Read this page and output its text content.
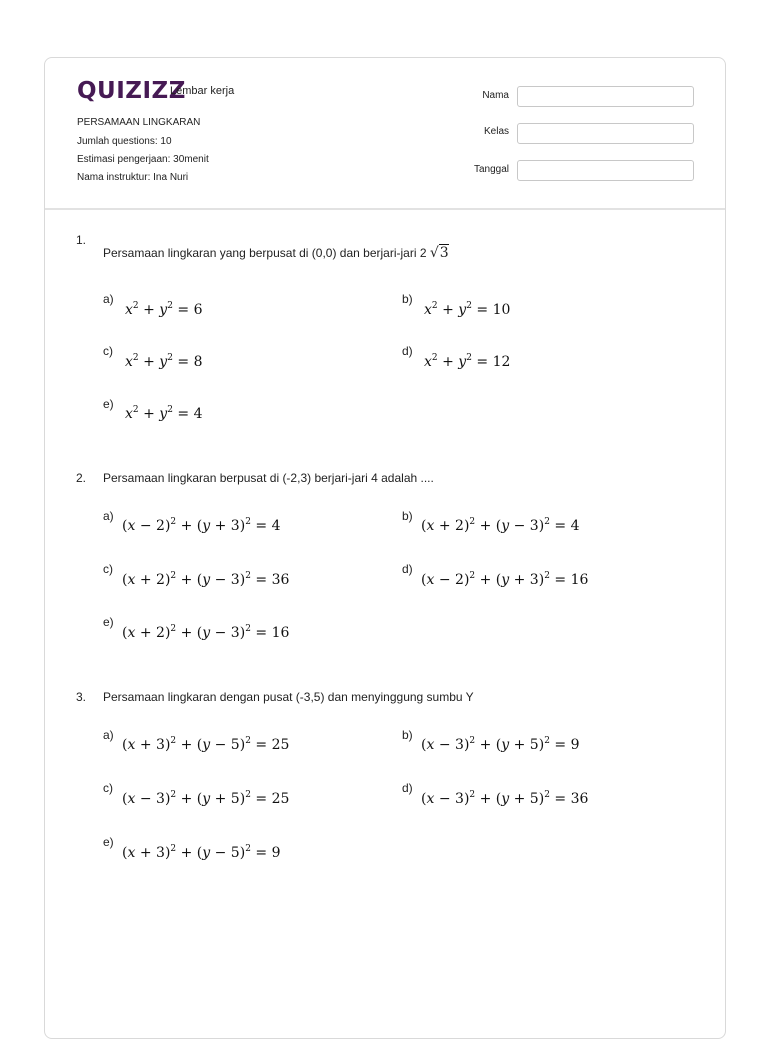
QUIZIZZ
Lembar kerja
PERSAMAAN LINGKARAN
Jumlah questions: 10
Estimasi pengerjaan: 30menit
Nama instruktur: Ina Nuri
Nama
Kelas
Tanggal
1.
Persamaan lingkaran yang berpusat di (0,0) dan berjari-jari 2 √3
a)
$x^2 + y^2 = 6$
b)
$x^2 + y^2 = 10$
c)
$x^2 + y^2 = 8$
d)
$x^2 + y^2 = 12$
e)
$x^2 + y^2 = 4$
2. Persamaan lingkaran berpusat di (-2,3) berjari-jari 4 adalah ....
a)
$(x - 2)^2 + (y + 3)^2 = 4$
b)
$(x + 2)^2 + (y - 3)^2 = 4$
c)
$(x + 2)^2 + (y - 3)^2 = 36$
d)
$(x - 2)^2 + (y + 3)^2 = 16$
e)
$(x + 2)^2 + (y - 3)^2 = 16$
3. Persamaan lingkaran dengan pusat (-3,5) dan menyinggung sumbu Y
a)
$(x + 3)^2 + (y - 5)^2 = 25$
b)
$(x - 3)^2 + (y + 5)^2 = 9$
c)
$(x - 3)^2 + (y + 5)^2 = 25$
d)
$(x - 3)^2 + (y + 5)^2 = 36$
e)
$(x + 3)^2 + (y - 5)^2 = 9$
